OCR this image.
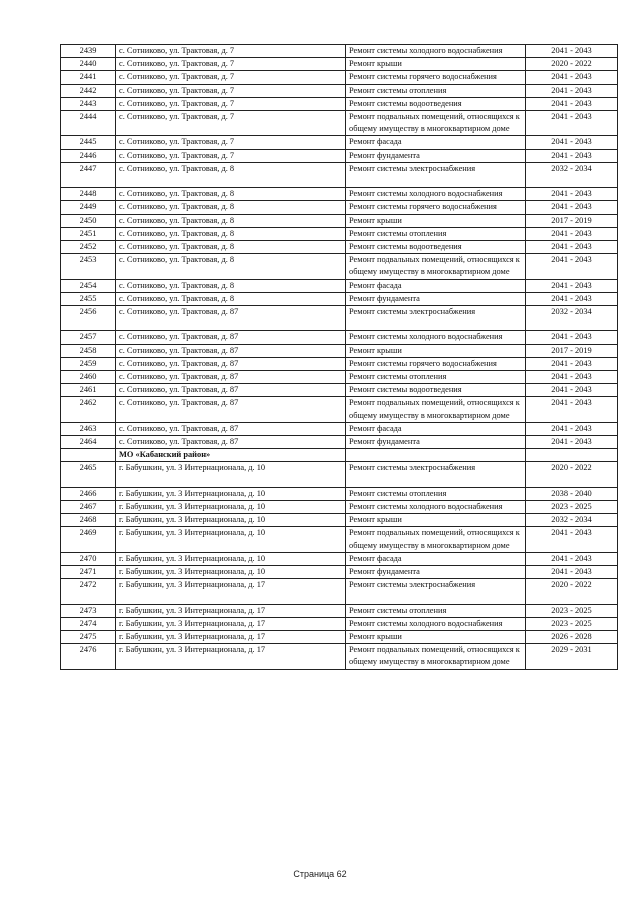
2439	с. Сотниково, ул. Трактовая, д. 7	Ремонт системы холодного водоснабжения	2041 - 2043
2440	с. Сотниково, ул. Трактовая, д. 7	Ремонт крыши	2020 - 2022
2441	с. Сотниково, ул. Трактовая, д. 7	Ремонт системы горячего водоснабжения	2041 - 2043
2442	с. Сотниково, ул. Трактовая, д. 7	Ремонт системы отопления	2041 - 2043
2443	с. Сотниково, ул. Трактовая, д. 7	Ремонт системы водоотведения	2041 - 2043
2444	с. Сотниково, ул. Трактовая, д. 7	Ремонт подвальных помещений, относящихся к общему имуществу в многоквартирном доме	2041 - 2043
2445	с. Сотниково, ул. Трактовая, д. 7	Ремонт фасада	2041 - 2043
2446	с. Сотниково, ул. Трактовая, д. 7	Ремонт фундамента	2041 - 2043
2447	с. Сотниково, ул. Трактовая, д. 8	Ремонт системы электроснабжения	2032 - 2034
2448	с. Сотниково, ул. Трактовая, д. 8	Ремонт системы холодного водоснабжения	2041 - 2043
2449	с. Сотниково, ул. Трактовая, д. 8	Ремонт системы горячего водоснабжения	2041 - 2043
2450	с. Сотниково, ул. Трактовая, д. 8	Ремонт крыши	2017 - 2019
2451	с. Сотниково, ул. Трактовая, д. 8	Ремонт системы отопления	2041 - 2043
2452	с. Сотниково, ул. Трактовая, д. 8	Ремонт системы водоотведения	2041 - 2043
2453	с. Сотниково, ул. Трактовая, д. 8	Ремонт подвальных помещений, относящихся к общему имуществу в многоквартирном доме	2041 - 2043
2454	с. Сотниково, ул. Трактовая, д. 8	Ремонт фасада	2041 - 2043
2455	с. Сотниково, ул. Трактовая, д. 8	Ремонт фундамента	2041 - 2043
2456	с. Сотниково, ул. Трактовая, д. 87	Ремонт системы электроснабжения	2032 - 2034
2457	с. Сотниково, ул. Трактовая, д. 87	Ремонт системы холодного водоснабжения	2041 - 2043
2458	с. Сотниково, ул. Трактовая, д. 87	Ремонт крыши	2017 - 2019
2459	с. Сотниково, ул. Трактовая, д. 87	Ремонт системы горячего водоснабжения	2041 - 2043
2460	с. Сотниково, ул. Трактовая, д. 87	Ремонт системы отопления	2041 - 2043
2461	с. Сотниково, ул. Трактовая, д. 87	Ремонт системы водоотведения	2041 - 2043
2462	с. Сотниково, ул. Трактовая, д. 87	Ремонт подвальных помещений, относящихся к общему имуществу в многоквартирном доме	2041 - 2043
2463	с. Сотниково, ул. Трактовая, д. 87	Ремонт фасада	2041 - 2043
2464	с. Сотниково, ул. Трактовая, д. 87	Ремонт фундамента	2041 - 2043
	МО «Кабанский район»		
2465	г. Бабушкин, ул. 3 Интернационала, д. 10	Ремонт системы электроснабжения	2020 - 2022
2466	г. Бабушкин, ул. 3 Интернационала, д. 10	Ремонт системы отопления	2038 - 2040
2467	г. Бабушкин, ул. 3 Интернационала, д. 10	Ремонт системы холодного водоснабжения	2023 - 2025
2468	г. Бабушкин, ул. 3 Интернационала, д. 10	Ремонт крыши	2032 - 2034
2469	г. Бабушкин, ул. 3 Интернационала, д. 10	Ремонт подвальных помещений, относящихся к общему имуществу в многоквартирном доме	2041 - 2043
2470	г. Бабушкин, ул. 3 Интернационала, д. 10	Ремонт фасада	2041 - 2043
2471	г. Бабушкин, ул. 3 Интернационала, д. 10	Ремонт фундамента	2041 - 2043
2472	г. Бабушкин, ул. 3 Интернационала, д. 17	Ремонт системы электроснабжения	2020 - 2022
2473	г. Бабушкин, ул. 3 Интернационала, д. 17	Ремонт системы отопления	2023 - 2025
2474	г. Бабушкин, ул. 3 Интернационала, д. 17	Ремонт системы холодного водоснабжения	2023 - 2025
2475	г. Бабушкин, ул. 3 Интернационала, д. 17	Ремонт крыши	2026 - 2028
2476	г. Бабушкин, ул. 3 Интернационала, д. 17	Ремонт подвальных помещений, относящихся к общему имуществу в многоквартирном доме	2029 - 2031
Страница 62
